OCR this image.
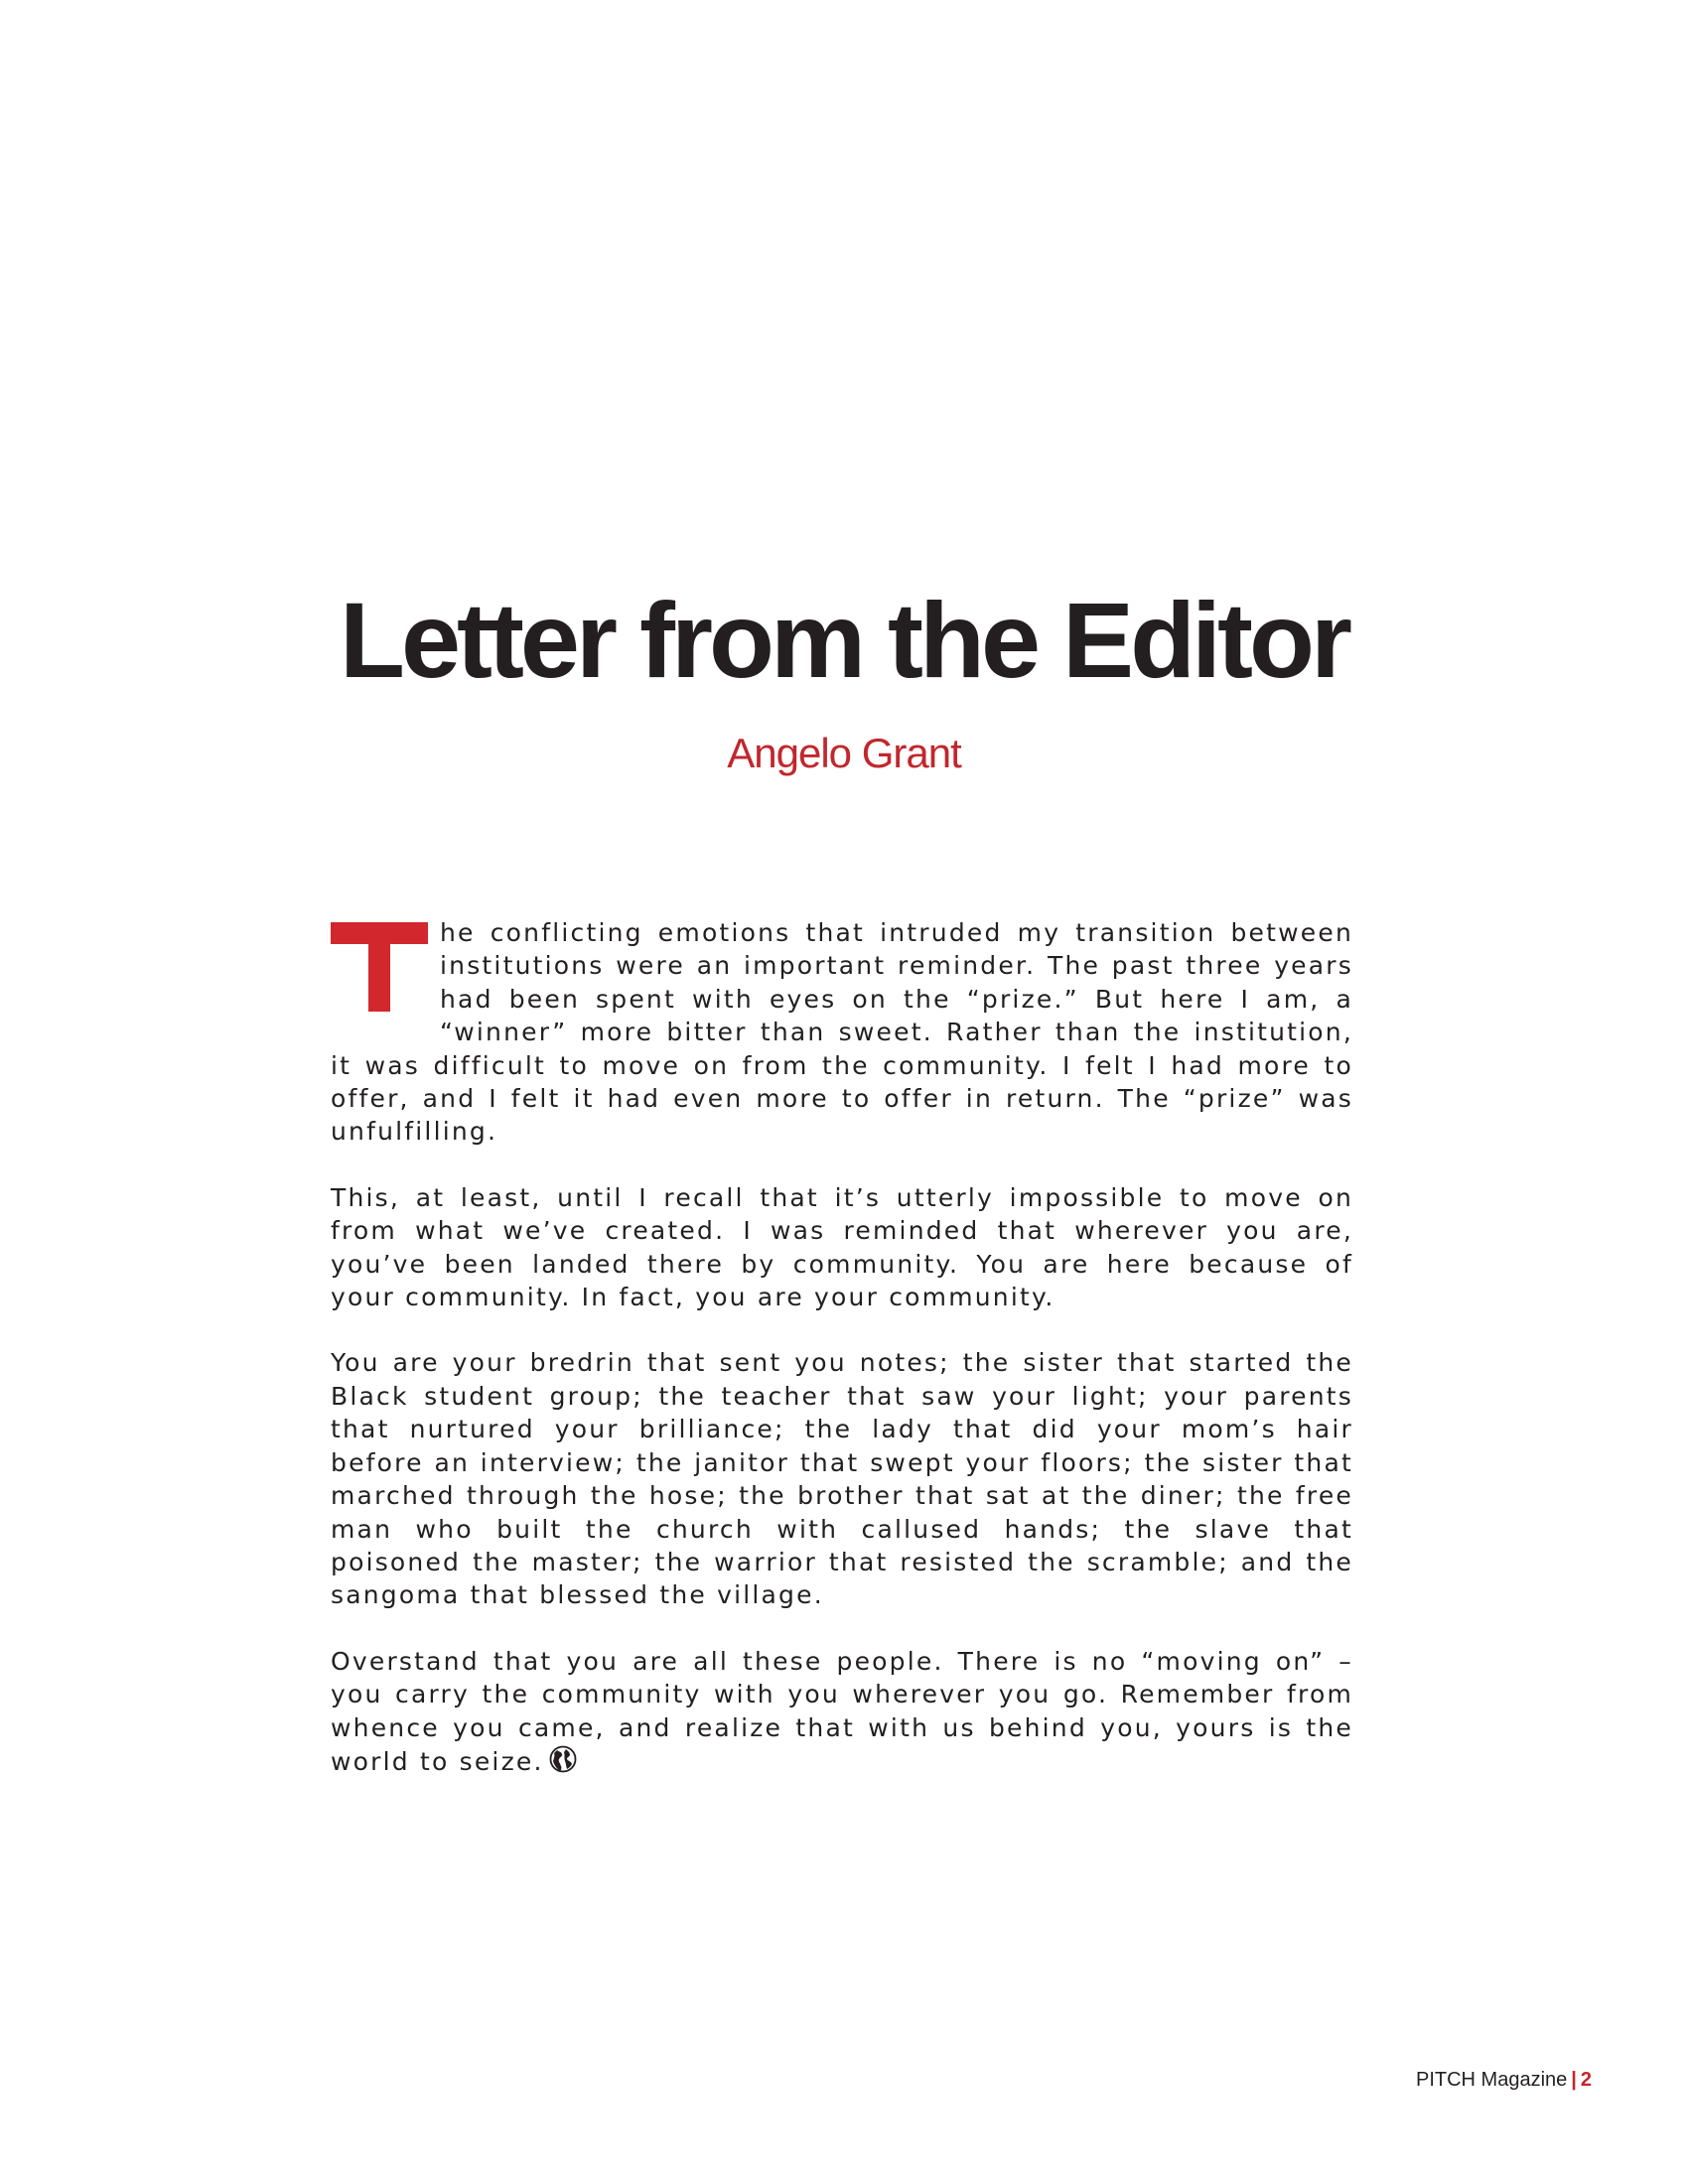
Letter from the Editor
Angelo Grant

he conflicting emotions that intruded my transition between institutions were an important reminder. The past three years had been spent with eyes on the “prize.” But here I am, a “winner” more bitter than sweet. Rather than the institution, it was difficult to move on from the community. I felt I had more to offer, and I felt it had even more to offer in return. The “prize” was unfulfilling.

This, at least, until I recall that it’s utterly impossible to move on from what we’ve created. I was reminded that wherever you are, you’ve been landed there by community. You are here because of your community. In fact, you are your community.

You are your bredrin that sent you notes; the sister that started the Black student group; the teacher that saw your light; your parents that nurtured your brilliance; the lady that did your mom’s hair before an interview; the janitor that swept your floors; the sister that marched through the hose; the brother that sat at the diner; the free man who built the church with callused hands; the slave that poisoned the master; the warrior that resisted the scramble; and the sangoma that blessed the village.

Overstand that you are all these people. There is no “moving on” – you carry the community with you wherever you go. Remember from whence you came, and realize that with us behind you, yours is the world to seize.

PITCH Magazine | 2
